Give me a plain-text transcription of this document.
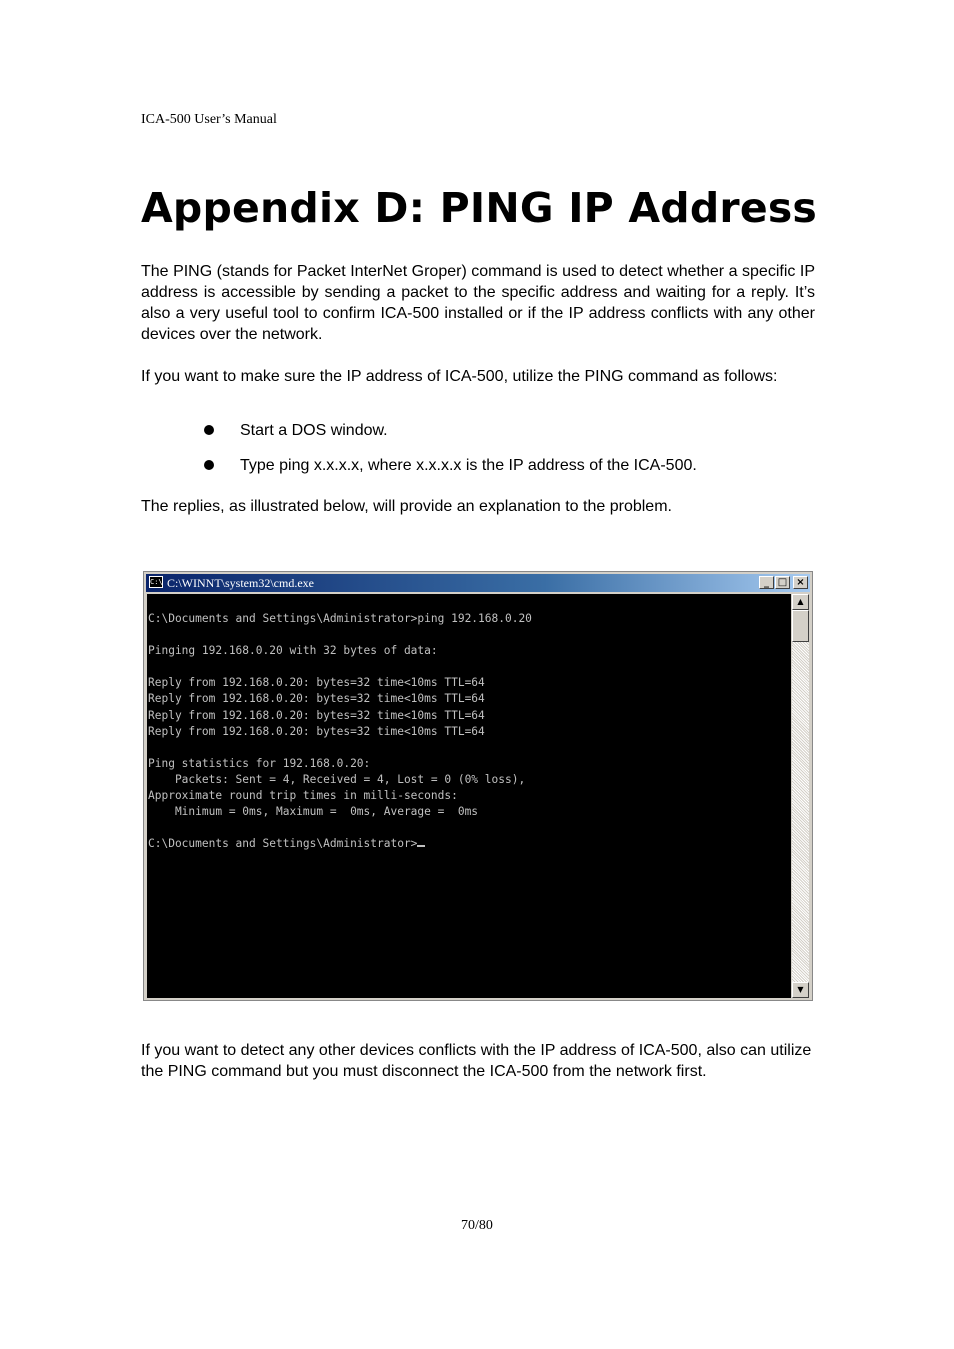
ICA-500 User’s Manual
Appendix D: PING IP Address

The PING (stands for Packet InterNet Groper) command is used to detect whether a specific IP address is accessible by sending a packet to the specific address and waiting for a reply. It’s also a very useful tool to confirm ICA-500 installed or if the IP address conflicts with any other devices over the network.

If you want to make sure the IP address of ICA-500, utilize the PING command as follows:

Start a DOS window.
Type ping x.x.x.x, where x.x.x.x is the IP address of the ICA-500.

The replies, as illustrated below, will provide an explanation to the problem.

C:\ C:\WINNT\system32\cmd.exe	_ □ ×
C:\Documents and Settings\Administrator>ping 192.168.0.20

Pinging 192.168.0.20 with 32 bytes of data:

Reply from 192.168.0.20: bytes=32 time<10ms TTL=64
Reply from 192.168.0.20: bytes=32 time<10ms TTL=64
Reply from 192.168.0.20: bytes=32 time<10ms TTL=64
Reply from 192.168.0.20: bytes=32 time<10ms TTL=64

Ping statistics for 192.168.0.20:
Packets: Sent = 4, Received = 4, Lost = 0 (0% loss),
Approximate round trip times in milli-seconds:
Minimum = 0ms, Maximum =  0ms, Average =  0ms

C:\Documents and Settings\Administrator>
▲
▼

If you want to detect any other devices conflicts with the IP address of ICA-500, also can utilize the PING command but you must disconnect the ICA-500 from the network first.

70/80
